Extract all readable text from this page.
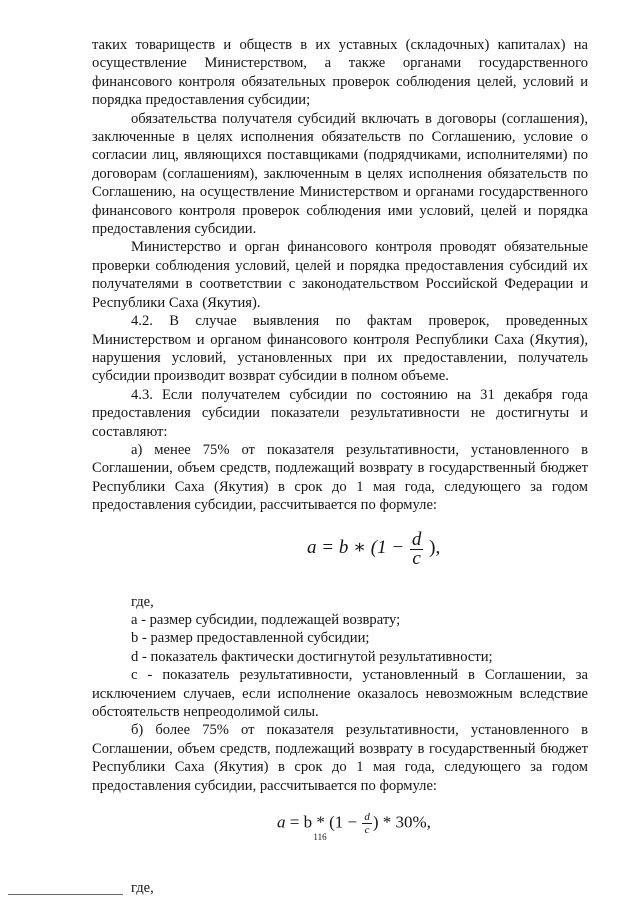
таких товариществ и обществ в их уставных (складочных) капиталах) на осуществление Министерством, а также органами государственного финансового контроля обязательных проверок соблюдения целей, условий и порядка предоставления субсидии;

обязательства получателя субсидий включать в договоры (соглашения), заключенные в целях исполнения обязательств по Соглашению, условие о согласии лиц, являющихся поставщиками (подрядчиками, исполнителями) по договорам (соглашениям), заключенным в целях исполнения обязательств по Соглашению, на осуществление Министерством и органами государственного финансового контроля проверок соблюдения ими условий, целей и порядка предоставления субсидии.

Министерство и орган финансового контроля проводят обязательные проверки соблюдения условий, целей и порядка предоставления субсидий их получателями в соответствии с законодательством Российской Федерации и Республики Саха (Якутия).

4.2. В случае выявления по фактам проверок, проведенных Министерством и органом финансового контроля Республики Саха (Якутия), нарушения условий, установленных при их предоставлении, получатель субсидии производит возврат субсидии в полном объеме.

4.3. Если получателем субсидии по состоянию на 31 декабря года предоставления субсидии показатели результативности не достигнуты и составляют:

а) менее 75% от показателя результативности, установленного в Соглашении, объем средств, подлежащий возврату в государственный бюджет Республики Саха (Якутия) в срок до 1 мая года, следующего за годом предоставления субсидии, рассчитывается по формуле:

a = b ∗ ($1 - \frac{d}{c}$ ),

где,

a - размер субсидии, подлежащей возврату;

b - размер предоставленной субсидии;

d - показатель фактически достигнутой результативности;

c - показатель результативности, установленный в Соглашении, за исключением случаев, если исполнение оказалось невозможным вследствие обстоятельств непреодолимой силы.

б) более 75% от показателя результативности, установленного в Соглашении, объем средств, подлежащий возврату в государственный бюджет Республики Саха (Якутия) в срок до 1 мая года, следующего за годом предоставления субсидии, рассчитывается по формуле:

$a = b * (1 - \frac{d}{c}$ ) * 30%,

где,

116
